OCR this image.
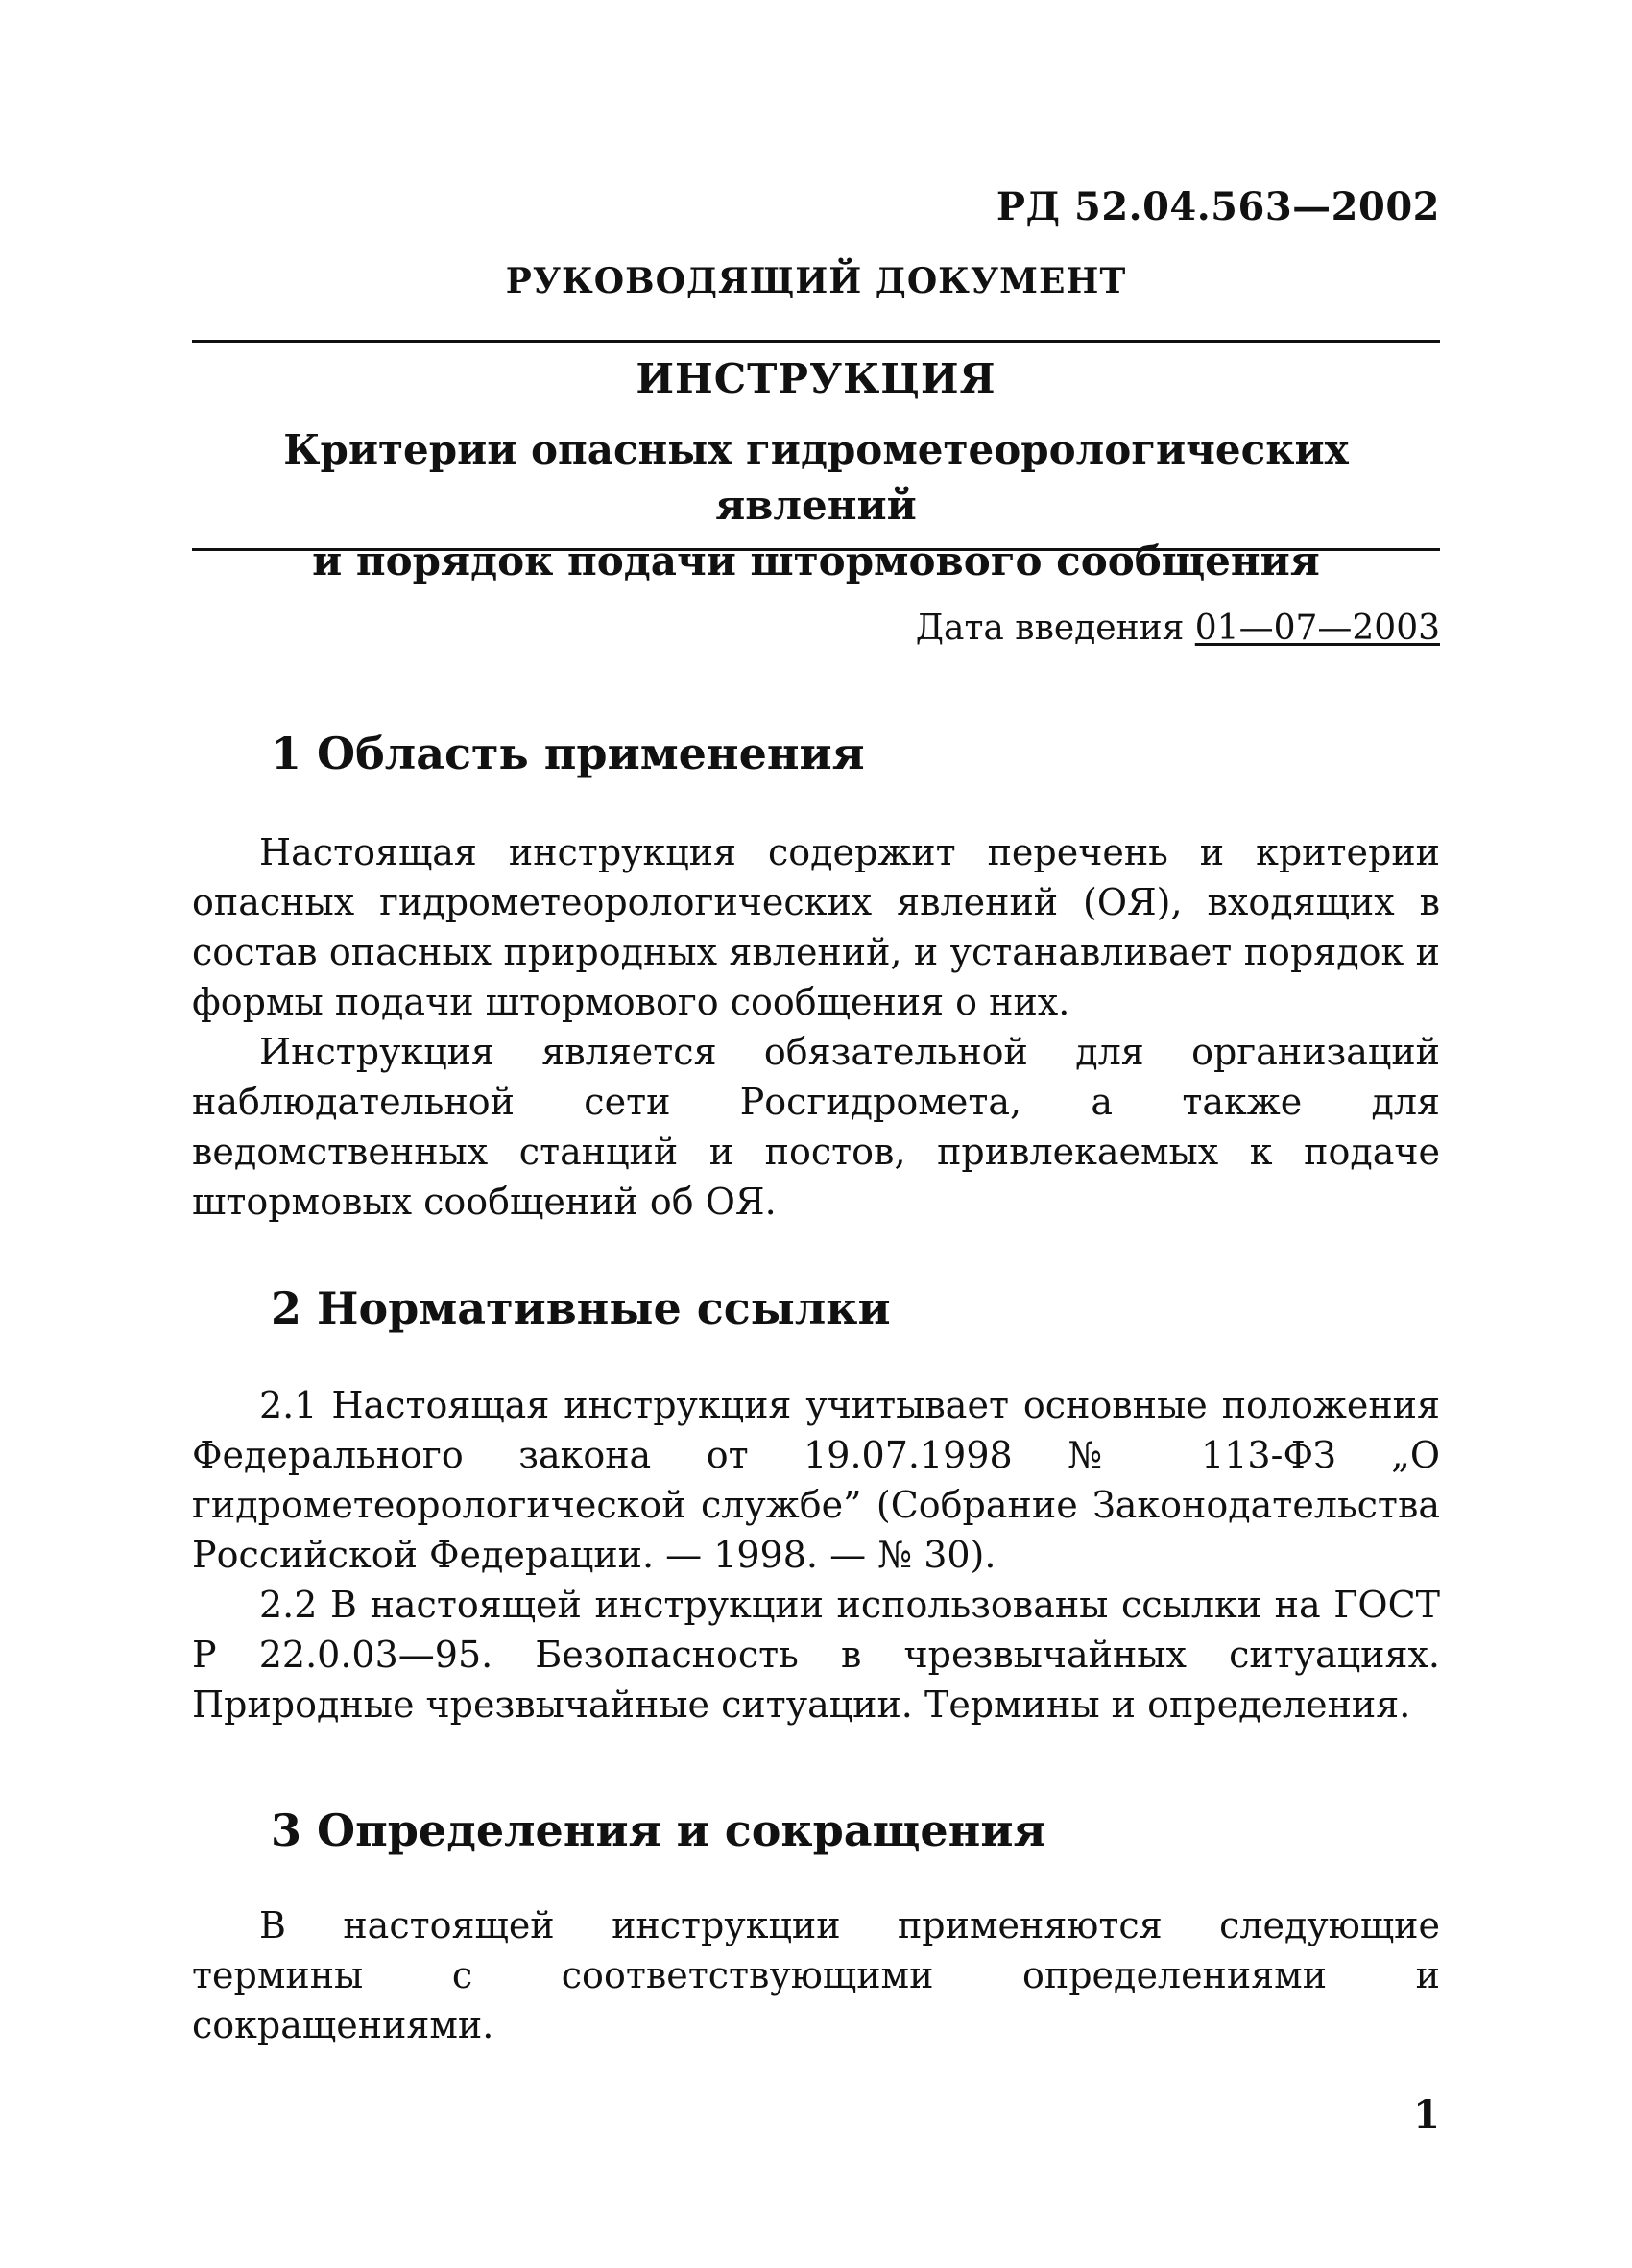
РД 52.04.563—2002
РУКОВОДЯЩИЙ ДОКУМЕНТ
ИНСТРУКЦИЯ
Критерии опасных гидрометеорологических явлений
и порядок подачи штормового сообщения
Дата введения 01—07—2003
1 Область применения

Настоящая инструкция содержит перечень и критерии опасных гидрометеорологических явлений (ОЯ), входящих в состав опасных природных явлений, и устанавливает порядок и формы подачи штормового сообщения о них.

Инструкция является обязательной для организаций наблюдательной сети Росгидромета, а также для ведомственных станций и постов, привлекаемых к подаче штормовых сообщений об ОЯ.

2 Нормативные ссылки

2.1 Настоящая инструкция учитывает основные положения Федерального закона от 19.07.1998 № 113-ФЗ „О гидрометеорологической службе” (Собрание Законодательства Российской Федерации. — 1998. — № 30).

2.2 В настоящей инструкции использованы ссылки на ГОСТ Р 22.0.03—95. Безопасность в чрезвычайных ситуациях. Природные чрезвычайные ситуации. Термины и определения.

3 Определения и сокращения

В настоящей инструкции применяются следующие термины с соответствующими определениями и сокращениями.

1
